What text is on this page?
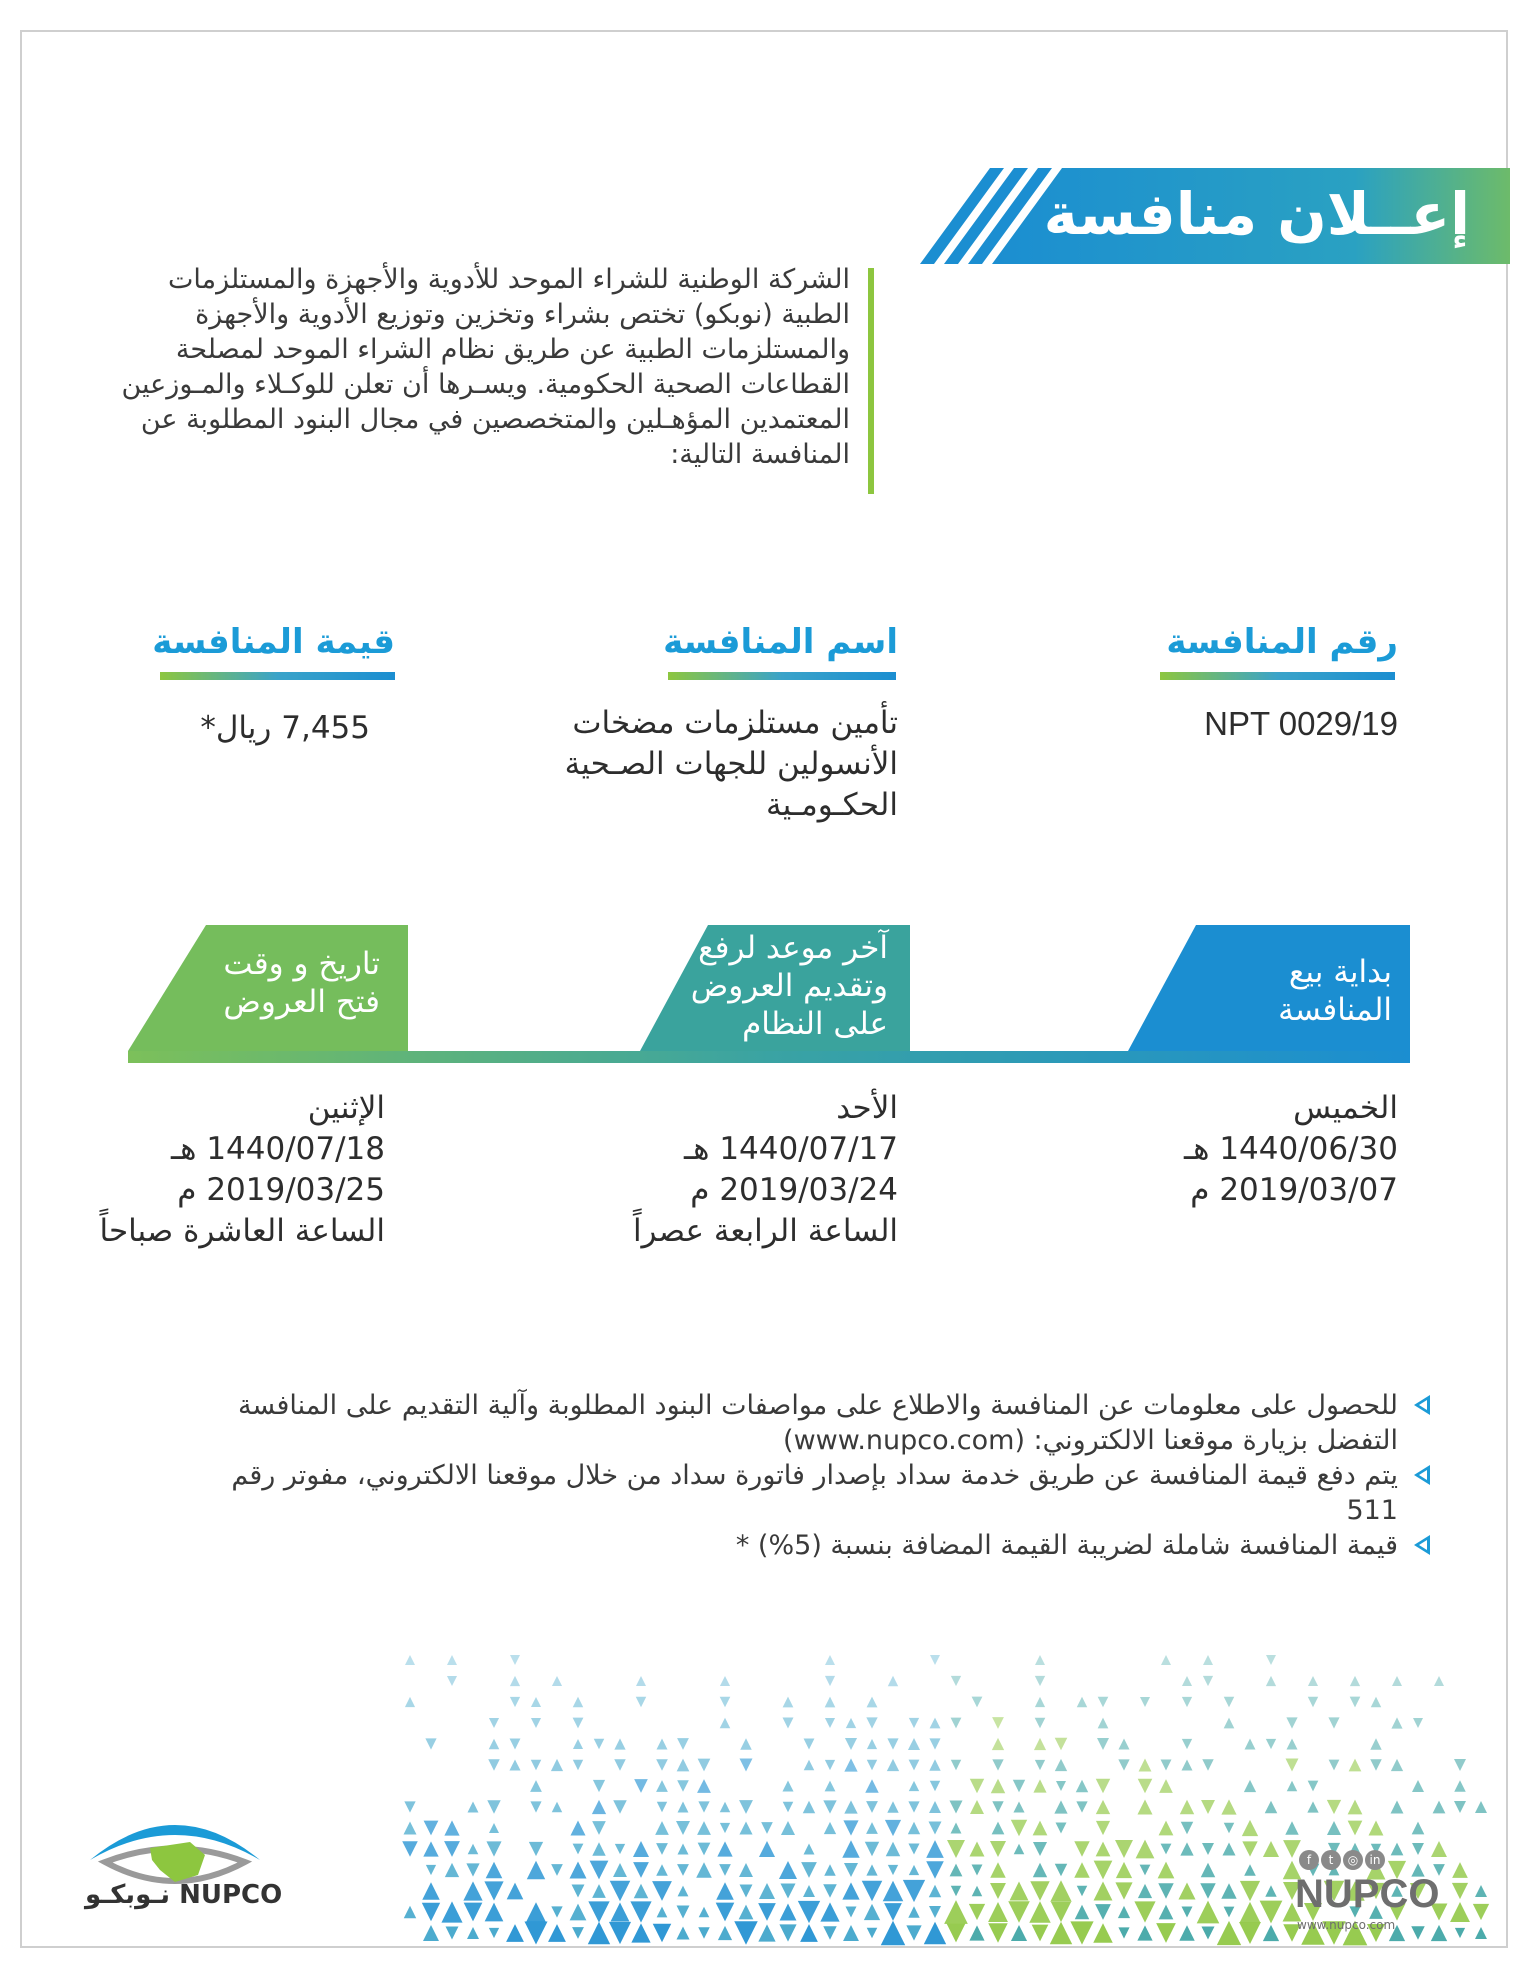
إعــلان منافسة
الشركة الوطنية للشراء الموحد للأدوية والأجهزة والمستلزمات الطبية (نوبكو) تختص بشراء وتخزين وتوزيع الأدوية والأجهزة والمستلزمات الطبية عن طريق نظام الشراء الموحد لمصلحة القطاعات الصحية الحكومية. ويسـرها أن تعلن للوكـلاء والمـوزعين المعتمدين المؤهـلين والمتخصصين في مجال البنود المطلوبة عن المنافسة التالية:
رقم المنافسة
NPT 0029/19
اسم المنافسة
تأمين مستلزمات مضخات الأنسولين للجهات الصـحية الحكـومـية
قيمة المنافسة
7,455 ريال*
تاريخ و وقت فتح العروض
آخر موعد لرفع وتقديم العروض على النظام
بداية بيع المنافسة
الخميس
1440/06/30 هـ
2019/03/07 م
الأحد
1440/07/17 هـ
2019/03/24 م
الساعة الرابعة عصراً
الإثنين
1440/07/18 هـ
2019/03/25 م
الساعة العاشرة صباحاً
للحصول على معلومات عن المنافسة والاطلاع على مواصفات البنود المطلوبة وآلية التقديم على المنافسة التفضل بزيارة موقعنا الالكتروني: (www.nupco.com)
يتم دفع قيمة المنافسة عن طريق خدمة سداد بإصدار فاتورة سداد من خلال موقعنا الالكتروني، مفوتر رقم 511
قيمة المنافسة شاملة لضريبة القيمة المضافة بنسبة (5%) *
نـوبكـو NUPCO
f t ◎ in
NUPCO
www.nupco.com
